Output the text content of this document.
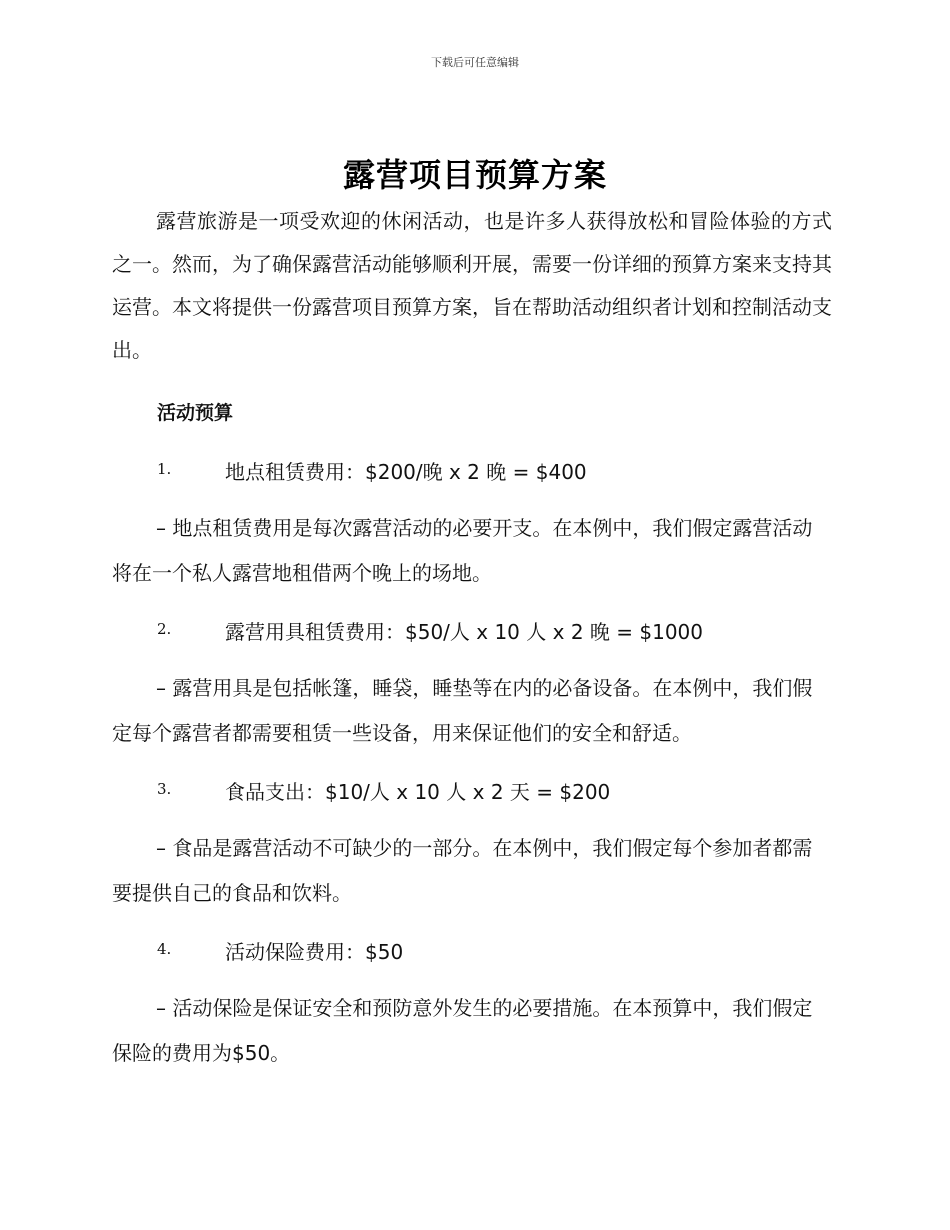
下载后可任意编辑
露营项目预算方案

露营旅游是一项受欢迎的休闲活动，也是许多人获得放松和冒险体验的方式之一。然而，为了确保露营活动能够顺利开展，需要一份详细的预算方案来支持其运营。本文将提供一份露营项目预算方案，旨在帮助活动组织者计划和控制活动支出。

活动预算
1.	地点租赁费用：$200/晚 x 2 晚 = $400

– 地点租赁费用是每次露营活动的必要开支。在本例中，我们假定露营活动将在一个私人露营地租借两个晚上的场地。

2.	露营用具租赁费用：$50/人 x 10 人 x 2 晚 = $1000

– 露营用具是包括帐篷，睡袋，睡垫等在内的必备设备。在本例中，我们假定每个露营者都需要租赁一些设备，用来保证他们的安全和舒适。

3.	食品支出：$10/人 x 10 人 x 2 天 = $200

– 食品是露营活动不可缺少的一部分。在本例中，我们假定每个参加者都需要提供自己的食品和饮料。

4.	活动保险费用：$50

– 活动保险是保证安全和预防意外发生的必要措施。在本预算中，我们假定保险的费用为$50。
